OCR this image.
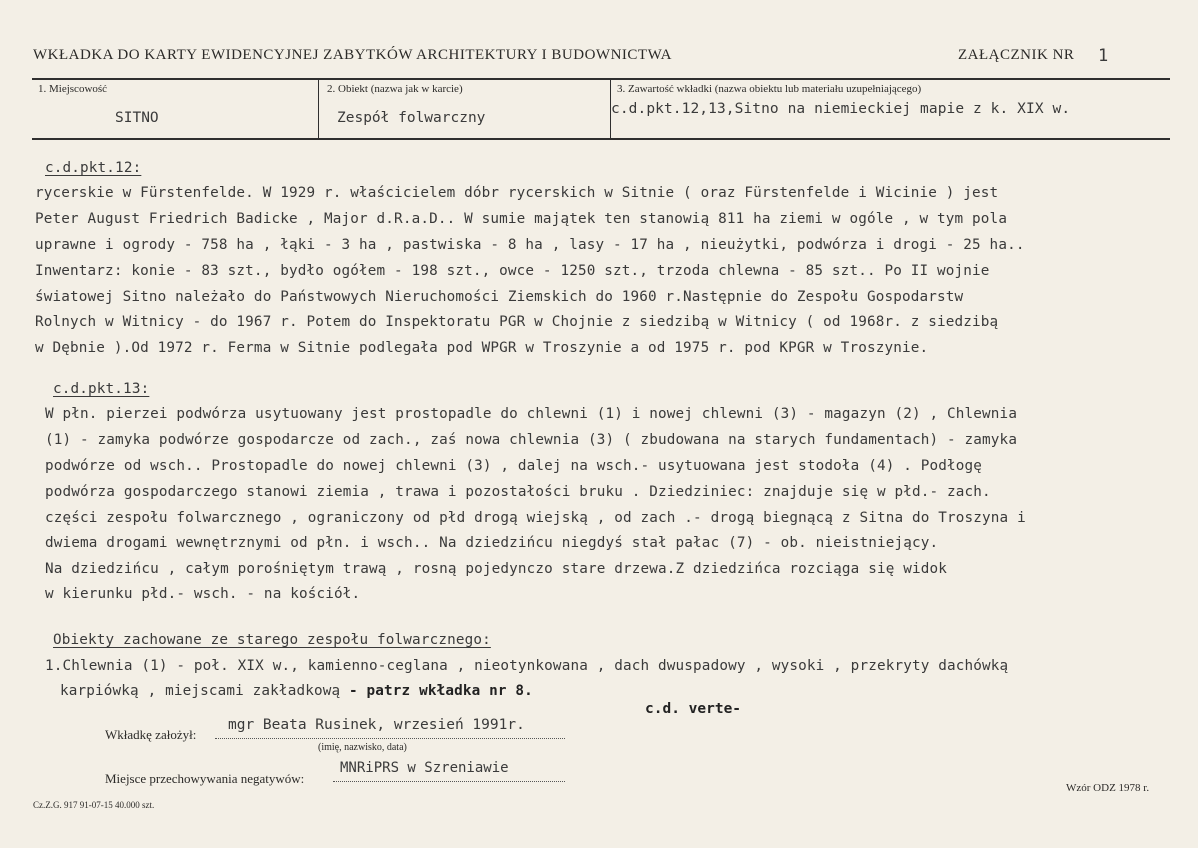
WKŁADKA DO KARTY EWIDENCYJNEJ ZABYTKÓW ARCHITEKTURY I BUDOWNICTWA	ZAŁĄCZNIK NR 1
1. Miejscowość
SITNO
2. Obiekt (nazwa jak w karcie)
Zespół folwarczny
3. Zawartość wkładki (nazwa obiektu lub materiału uzupełniającego)
c.d.pkt.12,13,Sitno na niemieckiej mapie z k. XIX w.
c.d.pkt.12:
rycerskie w Fürstenfelde. W 1929 r. właścicielem dóbr rycerskich w Sitnie ( oraz Fürstenfelde i Wicinie ) jest
Peter August Friedrich Badicke , Major d.R.a.D.. W sumie majątek ten stanowią 811 ha ziemi w ogóle , w tym pola
uprawne i ogrody - 758 ha , łąki - 3 ha , pastwiska - 8 ha , lasy - 17 ha , nieużytki, podwórza i drogi - 25 ha..
Inwentarz: konie - 83 szt., bydło ogółem - 198 szt., owce - 1250 szt., trzoda chlewna - 85 szt.. Po II wojnie
światowej Sitno należało do Państwowych Nieruchomości Ziemskich do 1960 r.Następnie do Zespołu Gospodarstw
Rolnych w Witnicy - do 1967 r. Potem do Inspektoratu PGR w Chojnie z siedzibą w Witnicy ( od 1968r. z siedzibą
w Dębnie ).Od 1972 r. Ferma w Sitnie podlegała pod WPGR w Troszynie a od 1975 r. pod KPGR w Troszynie.
c.d.pkt.13:
W płn. pierzei podwórza usytuowany jest prostopadle do chlewni (1) i nowej chlewni (3) - magazyn (2) , Chlewnia
(1) - zamyka podwórze gospodarcze od zach., zaś nowa chlewnia (3) ( zbudowana na starych fundamentach) - zamyka
podwórze od wsch.. Prostopadle do nowej chlewni (3) , dalej na wsch.- usytuowana jest stodoła (4) . Podłogę
podwórza gospodarczego stanowi ziemia , trawa i pozostałości bruku . Dziedziniec: znajduje się w płd.- zach.
części zespołu folwarcznego , ograniczony od płd drogą wiejską , od zach .- drogą biegnącą z Sitna do Troszyna i
dwiema drogami wewnętrznymi od płn. i wsch.. Na dziedzińcu niegdyś stał pałac (7) - ob. nieistniejący.
Na dziedzińcu , całym porośniętym trawą , rosną pojedynczo stare drzewa.Z dziedzińca rozciąga się widok
w kierunku płd.- wsch. - na kościół.
Obiekty zachowane ze starego zespołu folwarcznego:
1.Chlewnia (1) - poł. XIX w., kamienno-ceglana , nieotynkowana , dach dwuspadowy , wysoki , przekryty dachówką
karpiówką , miejscami zakładkową - patrz wkładka nr 8.
c.d. verte-
Wkładkę założył:
mgr Beata Rusinek, wrzesień 1991r.
(imię, nazwisko, data)
Miejsce przechowywania negatywów:
MNRiPRS w Szreniawie
Cz.Z.G. 917 91-07-15 40.000 szt.
Wzór ODZ 1978 r.
